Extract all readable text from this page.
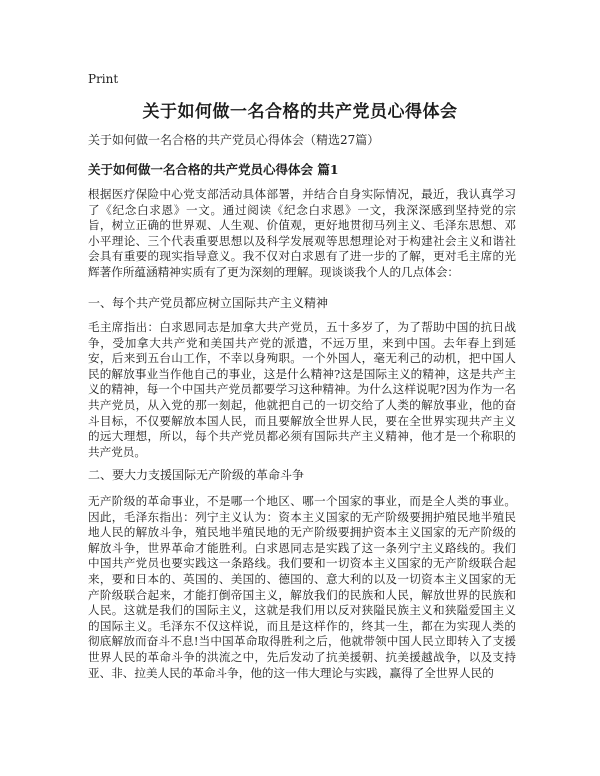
Print
关于如何做一名合格的共产党员心得体会
关于如何做一名合格的共产党员心得体会（精选27篇）
关于如何做一名合格的共产党员心得体会 篇1

根据医疗保险中心党支部活动具体部署，并结合自身实际情况，最近，我认真学习了《纪念白求恩》一文。通过阅读《纪念白求恩》一文，我深深感到坚持党的宗旨，树立正确的世界观、人生观、价值观，更好地贯彻马列主义、毛泽东思想、邓小平理论、三个代表重要思想以及科学发展观等思想理论对于构建社会主义和谐社会具有重要的现实指导意义。我不仅对白求恩有了进一步的了解，更对毛主席的光辉著作所蕴涵精神实质有了更为深刻的理解。现谈谈我个人的几点体会：

一、每个共产党员都应树立国际共产主义精神

毛主席指出：白求恩同志是加拿大共产党员，五十多岁了，为了帮助中国的抗日战争，受加拿大共产党和美国共产党的派遣，不远万里，来到中国。去年春上到延安，后来到五台山工作，不幸以身殉职。一个外国人，毫无利己的动机，把中国人民的解放事业当作他自己的事业，这是什么精神?这是国际主义的精神，这是共产主义的精神，每一个中国共产党员都要学习这种精神。为什么这样说呢?因为作为一名共产党员，从入党的那一刻起，他就把自己的一切交给了人类的解放事业，他的奋斗目标，不仅要解放本国人民，而且要解放全世界人民，要在全世界实现共产主义的远大理想，所以，每个共产党员都必须有国际共产主义精神，他才是一个称职的共产党员。

二、要大力支援国际无产阶级的革命斗争

无产阶级的革命事业，不是哪一个地区、哪一个国家的事业，而是全人类的事业。因此，毛泽东指出：列宁主义认为：资本主义国家的无产阶级要拥护殖民地半殖民地人民的解放斗争，殖民地半殖民地的无产阶级要拥护资本主义国家的无产阶级的解放斗争，世界革命才能胜利。白求恩同志是实践了这一条列宁主义路线的。我们中国共产党员也要实践这一条路线。我们要和一切资本主义国家的无产阶级联合起来，要和日本的、英国的、美国的、德国的、意大利的以及一切资本主义国家的无产阶级联合起来，才能打倒帝国主义，解放我们的民族和人民，解放世界的民族和人民。这就是我们的国际主义，这就是我们用以反对狭隘民族主义和狭隘爱国主义的国际主义。毛泽东不仅这样说，而且是这样作的，终其一生，都在为实现人类的彻底解放而奋斗不息!当中国革命取得胜利之后，他就带领中国人民立即转入了支援世界人民的革命斗争的洪流之中，先后发动了抗美援朝、抗美援越战争，以及支持亚、非、拉美人民的革命斗争，他的这一伟大理论与实践，赢得了全世界人民的
